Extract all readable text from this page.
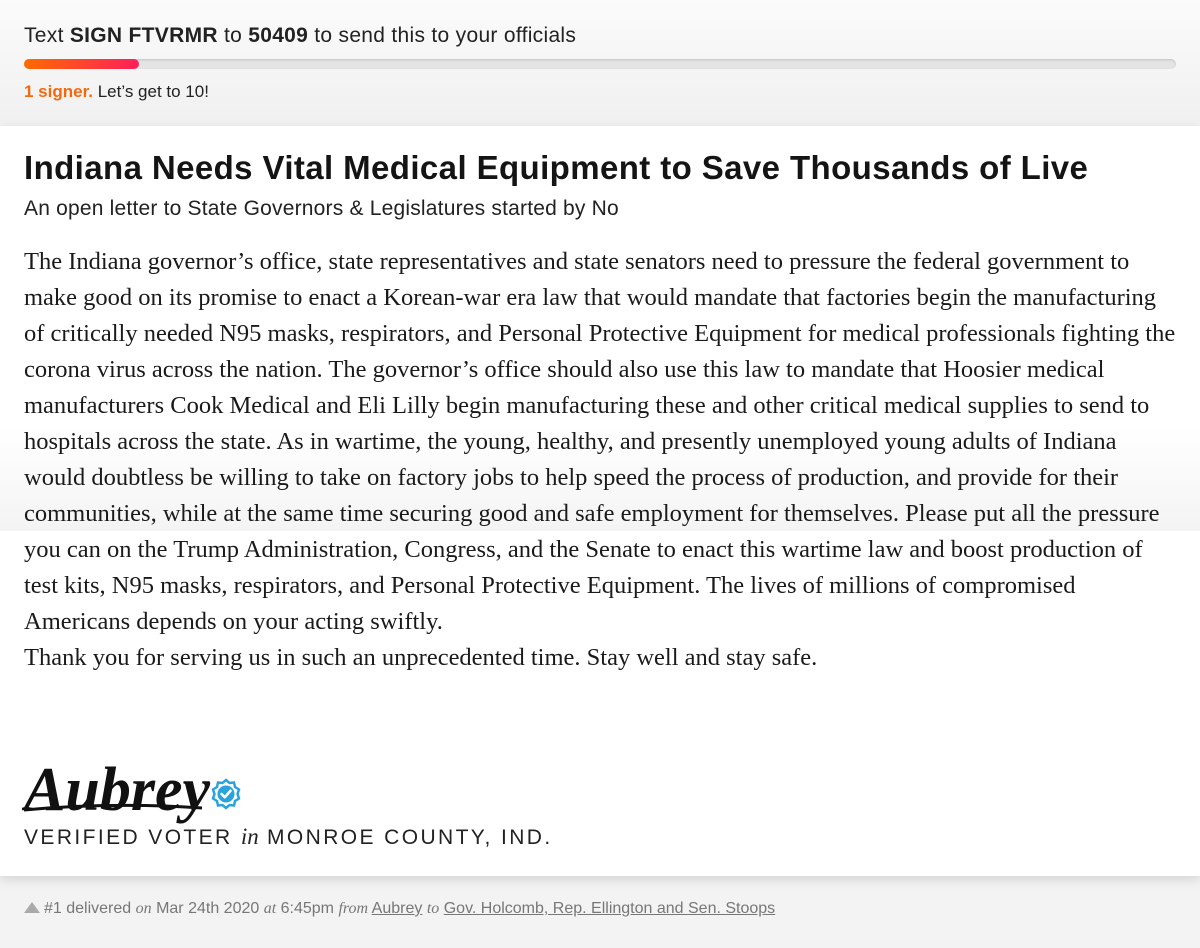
Text SIGN FTVRMR to 50409 to send this to your officials
1 signer. Let’s get to 10!
Indiana Needs Vital Medical Equipment to Save Thousands of Live
An open letter to State Governors & Legislatures started by No

The Indiana governor’s office, state representatives and state senators need to pressure the federal government to make good on its promise to enact a Korean-war era law that would mandate that factories begin the manufacturing of critically needed N95 masks, respirators, and Personal Protective Equipment for medical professionals fighting the corona virus across the nation. The governor’s office should also use this law to mandate that Hoosier medical manufacturers Cook Medical and Eli Lilly begin manufacturing these and other critical medical supplies to send to hospitals across the state. As in wartime, the young, healthy, and presently unemployed young adults of Indiana would doubtless be willing to take on factory jobs to help speed the process of production, and provide for their communities, while at the same time securing good and safe employment for themselves. Please put all the pressure you can on the Trump Administration, Congress, and the Senate to enact this wartime law and boost production of test kits, N95 masks, respirators, and Personal Protective Equipment. The lives of millions of compromised Americans depends on your acting swiftly.

Thank you for serving us in such an unprecedented time. Stay well and stay safe.

Aubrey
VERIFIED VOTER in MONROE COUNTY, IND.
#1 delivered on Mar 24th 2020 at 6:45pm from Aubrey to Gov. Holcomb, Rep. Ellington and Sen. Stoops
